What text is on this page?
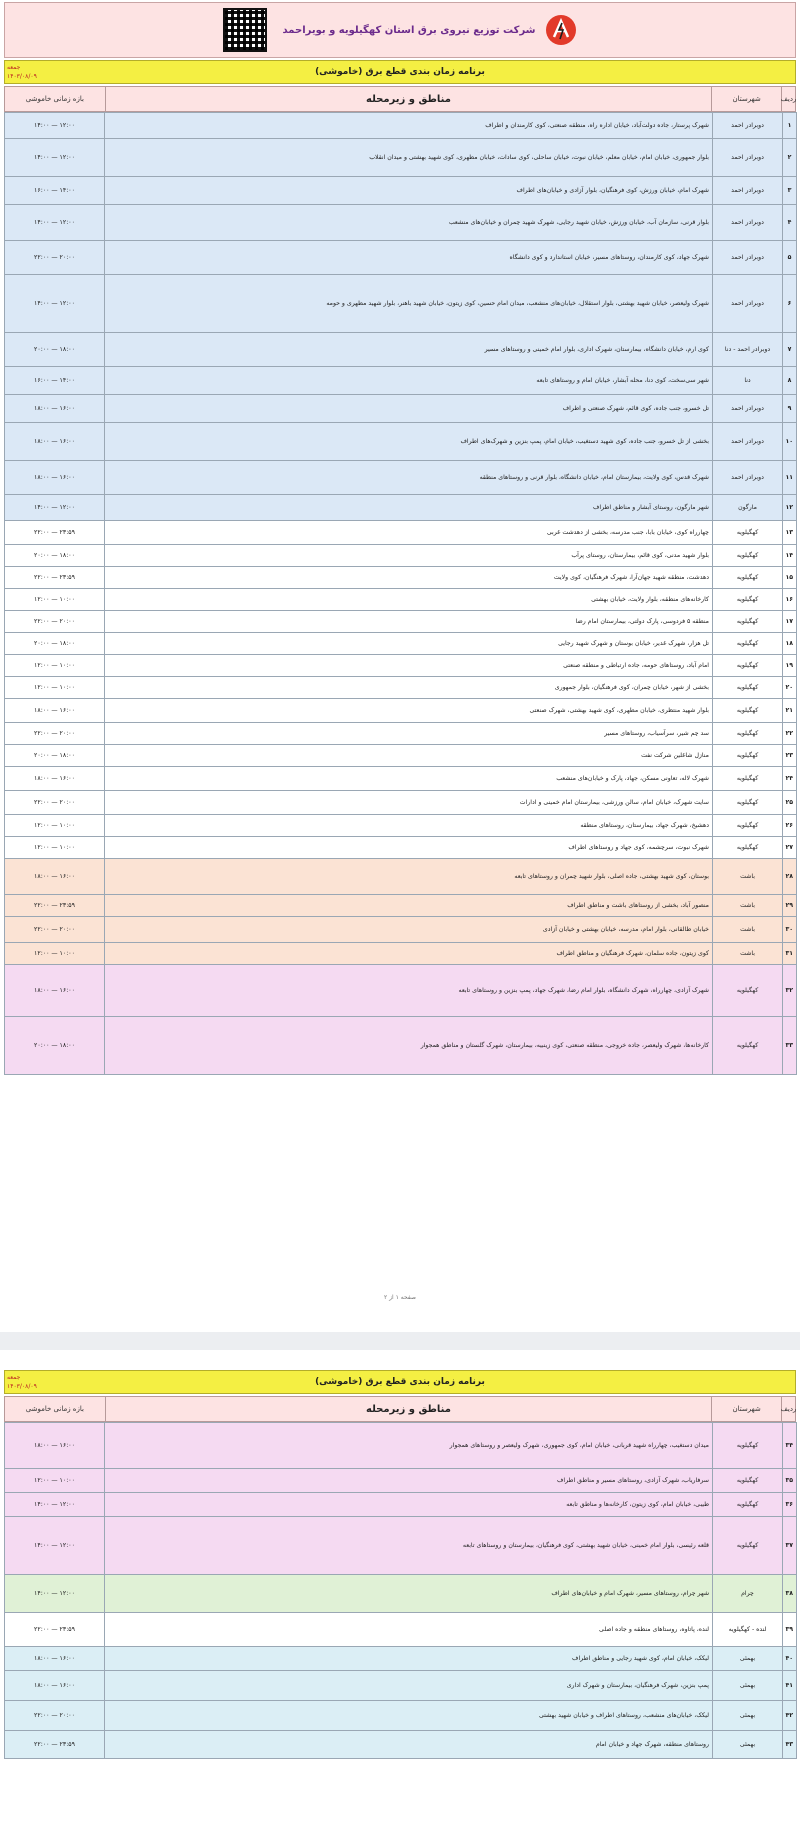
شرکت توزیع نیروی برق استان کهگیلویه و بویراحمد
جمعه
۱۴۰۳/۰۸/۰۹	برنامه زمان بندی قطع برق (خاموشی)
ردیف
شهرستان
مناطق و زیرمحله
بازه زمانی خاموشی
۱	دوبرادر احمد	شهرک پرستار، جاده دولت‌آباد، خیابان اداره راه، منطقه صنعتی، کوی کارمندان و اطراف	۱۴:۰۰ — ۱۲:۰۰
۲	دوبرادر احمد	بلوار جمهوری، خیابان امام، خیابان معلم، خیابان نبوت، خیابان ساحلی، کوی سادات، خیابان مطهری، کوی شهید بهشتی و میدان انقلاب	۱۴:۰۰ — ۱۲:۰۰
۳	دوبرادر احمد	شهرک امام، خیابان ورزش، کوی فرهنگیان، بلوار آزادی و خیابان‌های اطراف	۱۶:۰۰ — ۱۴:۰۰
۴	دوبرادر احمد	بلوار قرنی، سازمان آب، خیابان ورزش، خیابان شهید رجایی، شهرک شهید چمران و خیابان‌های منشعب	۱۴:۰۰ — ۱۲:۰۰
۵	دوبرادر احمد	شهرک جهاد، کوی کارمندان، روستاهای مسیر، خیابان استاندارد و کوی دانشگاه	۲۲:۰۰ — ۲۰:۰۰
۶	دوبرادر احمد	شهرک ولیعصر، خیابان شهید بهشتی، بلوار استقلال، خیابان‌های منشعب، میدان امام حسین، کوی زیتون، خیابان شهید باهنر، بلوار شهید مطهری و حومه	۱۴:۰۰ — ۱۲:۰۰
۷	دوبرادر احمد - دنا	کوی ارم، خیابان دانشگاه، بیمارستان، شهرک اداری، بلوار امام خمینی و روستاهای مسیر	۲۰:۰۰ — ۱۸:۰۰
۸	دنا	شهر سی‌سخت، کوی دنا، محله آبشار، خیابان امام و روستاهای تابعه	۱۶:۰۰ — ۱۴:۰۰
۹	دوبرادر احمد	تل خسرو، جنب جاده، کوی قائم، شهرک صنعتی و اطراف	۱۸:۰۰ — ۱۶:۰۰
۱۰	دوبرادر احمد	بخشی از تل خسرو، جنب جاده، کوی شهید دستغیب، خیابان امام، پمپ بنزین و شهرک‌های اطراف	۱۸:۰۰ — ۱۶:۰۰
۱۱	دوبرادر احمد	شهرک قدس، کوی ولایت، بیمارستان امام، خیابان دانشگاه، بلوار قرنی و روستاهای منطقه	۱۸:۰۰ — ۱۶:۰۰
۱۲	مارگون	شهر مارگون، روستای آبشار و مناطق اطراف	۱۴:۰۰ — ۱۲:۰۰
۱۳	کهگیلویه	چهارراه کوی، خیابان بابا، جنب مدرسه، بخشی از دهدشت غربی	۲۲:۰۰ — ۲۳:۵۹
۱۴	کهگیلویه	بلوار شهید مدنی، کوی قائم، بیمارستان، روستای پرآب	۲۰:۰۰ — ۱۸:۰۰
۱۵	کهگیلویه	دهدشت، منطقه شهید جهان‌آرا، شهرک فرهنگیان، کوی ولایت	۲۲:۰۰ — ۲۳:۵۹
۱۶	کهگیلویه	کارخانه‌های منطقه، بلوار ولایت، خیابان بهشتی	۱۲:۰۰ — ۱۰:۰۰
۱۷	کهگیلویه	منطقه ۵ فردوسی، پارک دولتی، بیمارستان امام رضا	۲۲:۰۰ — ۲۰:۰۰
۱۸	کهگیلویه	تل هزار، شهرک غدیر، خیابان بوستان و شهرک شهید رجایی	۲۰:۰۰ — ۱۸:۰۰
۱۹	کهگیلویه	امام آباد، روستاهای حومه، جاده ارتباطی و منطقه صنعتی	۱۲:۰۰ — ۱۰:۰۰
۲۰	کهگیلویه	بخشی از شهر، خیابان چمران، کوی فرهنگیان، بلوار جمهوری	۱۲:۰۰ — ۱۰:۰۰
۲۱	کهگیلویه	بلوار شهید منتظری، خیابان مطهری، کوی شهید بهشتی، شهرک صنعتی	۱۸:۰۰ — ۱۶:۰۰
۲۲	کهگیلویه	سد چم شیر، سرآسیاب، روستاهای مسیر	۲۲:۰۰ — ۲۰:۰۰
۲۳	کهگیلویه	منازل شاغلین شرکت نفت	۲۰:۰۰ — ۱۸:۰۰
۲۴	کهگیلویه	شهرک لاله، تعاونی مسکن، جهاد، پارک و خیابان‌های منشعب	۱۸:۰۰ — ۱۶:۰۰
۲۵	کهگیلویه	سایت شهرک، خیابان امام، سالن ورزشی، بیمارستان امام خمینی و ادارات	۲۲:۰۰ — ۲۰:۰۰
۲۶	کهگیلویه	دهشیخ، شهرک جهاد، بیمارستان، روستاهای منطقه	۱۲:۰۰ — ۱۰:۰۰
۲۷	کهگیلویه	شهرک نبوت، سرچشمه، کوی جهاد و روستاهای اطراف	۱۲:۰۰ — ۱۰:۰۰
۲۸	باشت	بوستان، کوی شهید بهشتی، جاده اصلی، بلوار شهید چمران و روستاهای تابعه	۱۸:۰۰ — ۱۶:۰۰
۲۹	باشت	منصور آباد، بخشی از روستاهای باشت و مناطق اطراف	۲۲:۰۰ — ۲۳:۵۹
۳۰	باشت	خیابان طالقانی، بلوار امام، مدرسه، خیابان بهشتی و خیابان آزادی	۲۲:۰۰ — ۲۰:۰۰
۳۱	باشت	کوی زیتون، جاده سلمان، شهرک فرهنگیان و مناطق اطراف	۱۲:۰۰ — ۱۰:۰۰
۳۲	کهگیلویه	شهرک آزادی، چهارراه، شهرک دانشگاه، بلوار امام رضا، شهرک جهاد، پمپ بنزین و روستاهای تابعه	۱۸:۰۰ — ۱۶:۰۰
۳۳	کهگیلویه	کارخانه‌ها، شهرک ولیعصر، جاده خروجی، منطقه صنعتی، کوی زینبیه، بیمارستان، شهرک گلستان و مناطق همجوار	۲۰:۰۰ — ۱۸:۰۰
صفحه ۱ از ۲
جمعه
۱۴۰۳/۰۸/۰۹	برنامه زمان بندی قطع برق (خاموشی)
ردیف
شهرستان
مناطق و زیرمحله
بازه زمانی خاموشی
۳۴	کهگیلویه	میدان دستغیب، چهارراه شهید قربانی، خیابان امام، کوی جمهوری، شهرک ولیعصر و روستاهای همجوار	۱۸:۰۰ — ۱۶:۰۰
۳۵	کهگیلویه	سرفاریاب، شهرک آزادی، روستاهای مسیر و مناطق اطراف	۱۲:۰۰ — ۱۰:۰۰
۳۶	کهگیلویه	طیبی، خیابان امام، کوی زیتون، کارخانه‌ها و مناطق تابعه	۱۴:۰۰ — ۱۲:۰۰
۳۷	کهگیلویه	قلعه رئیسی، بلوار امام خمینی، خیابان شهید بهشتی، کوی فرهنگیان، بیمارستان و روستاهای تابعه	۱۴:۰۰ — ۱۲:۰۰
۳۸	چرام	شهر چرام، روستاهای مسیر، شهرک امام و خیابان‌های اطراف	۱۴:۰۰ — ۱۲:۰۰
۳۹	لنده - کهگیلویه	لنده، پاتاوه، روستاهای منطقه و جاده اصلی	۲۲:۰۰ — ۲۳:۵۹
۴۰	بهمئی	لیکک، خیابان امام، کوی شهید رجایی و مناطق اطراف	۱۸:۰۰ — ۱۶:۰۰
۴۱	بهمئی	پمپ بنزین، شهرک فرهنگیان، بیمارستان و شهرک اداری	۱۸:۰۰ — ۱۶:۰۰
۴۲	بهمئی	لیکک، خیابان‌های منشعب، روستاهای اطراف و خیابان شهید بهشتی	۲۲:۰۰ — ۲۰:۰۰
۴۳	بهمئی	روستاهای منطقه، شهرک جهاد و خیابان امام	۲۲:۰۰ — ۲۳:۵۹
